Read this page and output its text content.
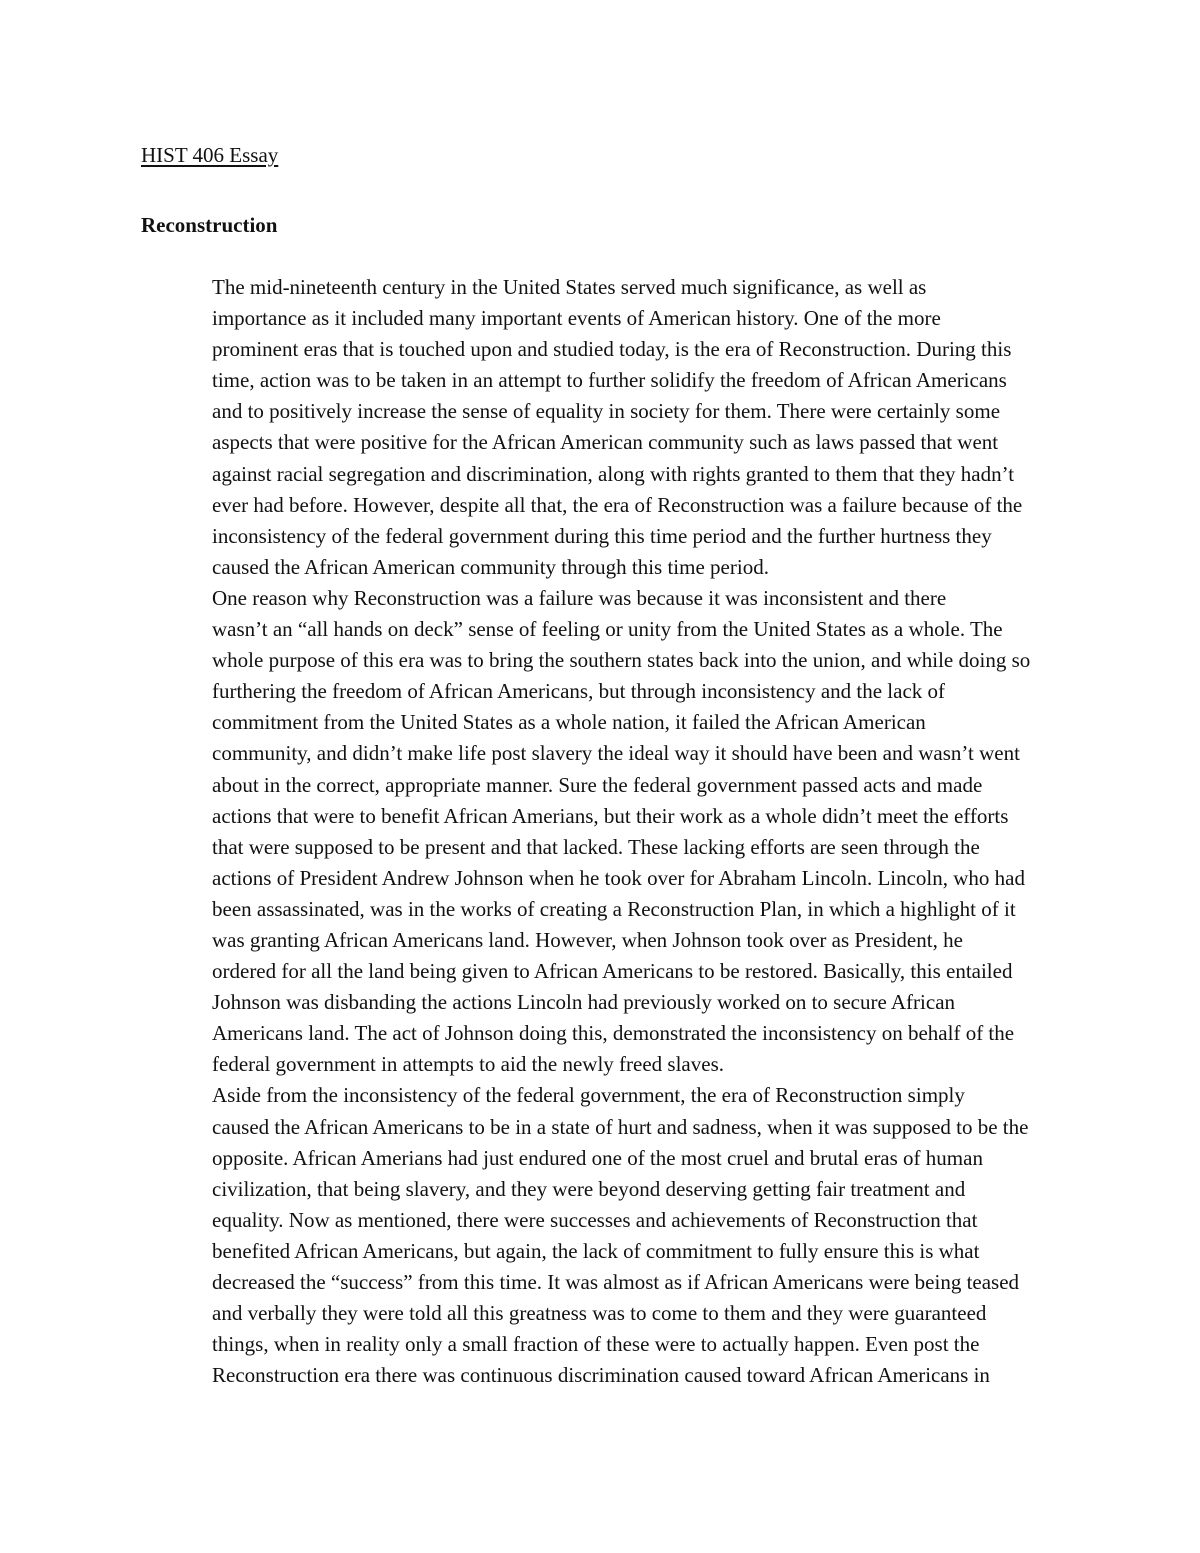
HIST 406 Essay
Reconstruction

The mid-nineteenth century in the United States served much significance, as well as
importance as it included many important events of American history. One of the more
prominent eras that is touched upon and studied today, is the era of Reconstruction. During this
time, action was to be taken in an attempt to further solidify the freedom of African Americans
and to positively increase the sense of equality in society for them. There were certainly some
aspects that were positive for the African American community such as laws passed that went
against racial segregation and discrimination, along with rights granted to them that they hadn’t
ever had before. However, despite all that, the era of Reconstruction was a failure because of the
inconsistency of the federal government during this time period and the further hurtness they
caused the African American community through this time period.

One reason why Reconstruction was a failure was because it was inconsistent and there
wasn’t an “all hands on deck” sense of feeling or unity from the United States as a whole. The
whole purpose of this era was to bring the southern states back into the union, and while doing so
furthering the freedom of African Americans, but through inconsistency and the lack of
commitment from the United States as a whole nation, it failed the African American
community, and didn’t make life post slavery the ideal way it should have been and wasn’t went
about in the correct, appropriate manner. Sure the federal government passed acts and made
actions that were to benefit African Amerians, but their work as a whole didn’t meet the efforts
that were supposed to be present and that lacked. These lacking efforts are seen through the
actions of President Andrew Johnson when he took over for Abraham Lincoln. Lincoln, who had
been assassinated, was in the works of creating a Reconstruction Plan, in which a highlight of it
was granting African Americans land. However, when Johnson took over as President, he
ordered for all the land being given to African Americans to be restored. Basically, this entailed
Johnson was disbanding the actions Lincoln had previously worked on to secure African
Americans land. The act of Johnson doing this, demonstrated the inconsistency on behalf of the
federal government in attempts to aid the newly freed slaves.

Aside from the inconsistency of the federal government, the era of Reconstruction simply
caused the African Americans to be in a state of hurt and sadness, when it was supposed to be the
opposite. African Amerians had just endured one of the most cruel and brutal eras of human
civilization, that being slavery, and they were beyond deserving getting fair treatment and
equality. Now as mentioned, there were successes and achievements of Reconstruction that
benefited African Americans, but again, the lack of commitment to fully ensure this is what
decreased the “success” from this time. It was almost as if African Americans were being teased
and verbally they were told all this greatness was to come to them and they were guaranteed
things, when in reality only a small fraction of these were to actually happen. Even post the
Reconstruction era there was continuous discrimination caused toward African Americans in
